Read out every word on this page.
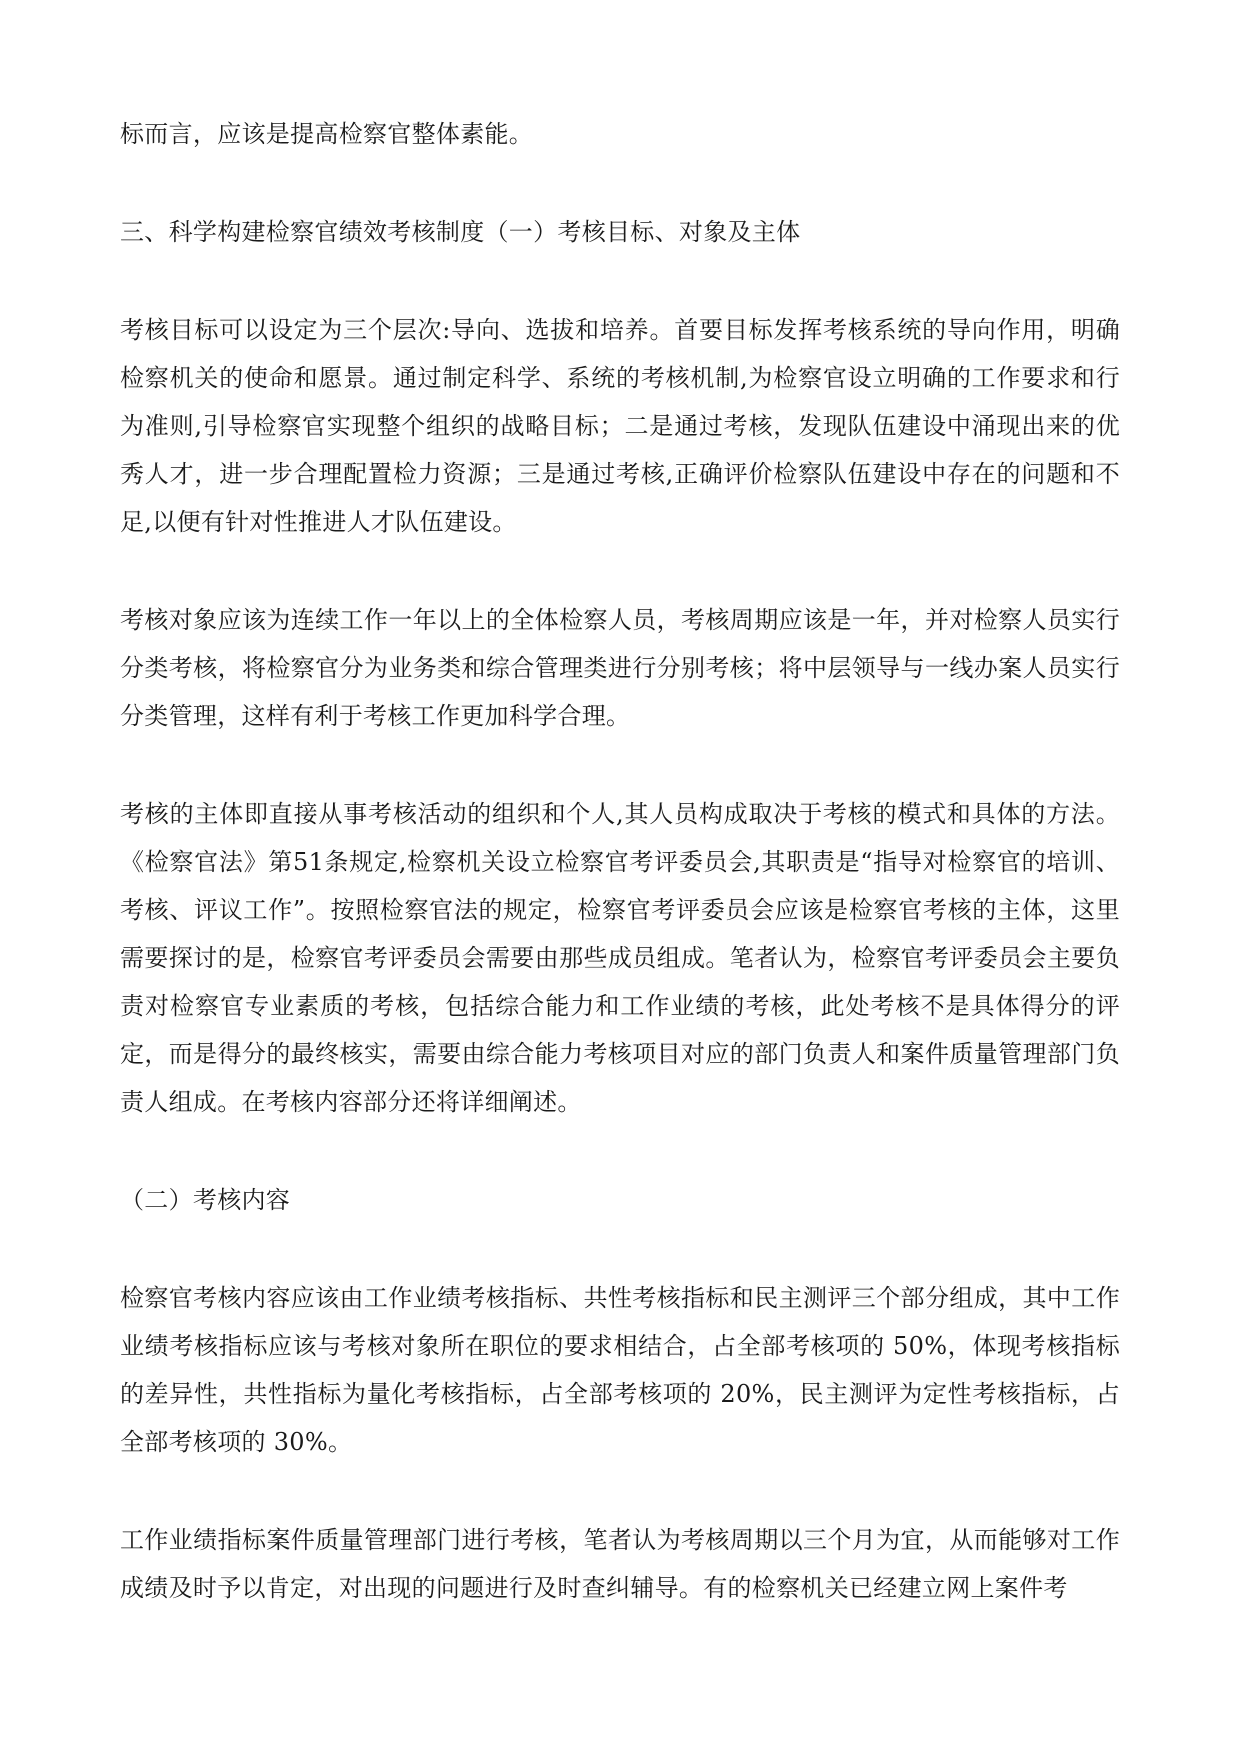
标而言，应该是提高检察官整体素能。

三、科学构建检察官绩效考核制度（一）考核目标、对象及主体

考核目标可以设定为三个层次:导向、选拔和培养。首要目标发挥考核系统的导向作用，明确检察机关的使命和愿景。通过制定科学、系统的考核机制,为检察官设立明确的工作要求和行为准则,引导检察官实现整个组织的战略目标；二是通过考核，发现队伍建设中涌现出来的优秀人才，进一步合理配置检力资源；三是通过考核,正确评价检察队伍建设中存在的问题和不足,以便有针对性推进人才队伍建设。

考核对象应该为连续工作一年以上的全体检察人员，考核周期应该是一年，并对检察人员实行分类考核，将检察官分为业务类和综合管理类进行分别考核；将中层领导与一线办案人员实行分类管理，这样有利于考核工作更加科学合理。

考核的主体即直接从事考核活动的组织和个人,其人员构成取决于考核的模式和具体的方法。《检察官法》第51条规定,检察机关设立检察官考评委员会,其职责是“指导对检察官的培训、考核、评议工作”。按照检察官法的规定，检察官考评委员会应该是检察官考核的主体，这里需要探讨的是，检察官考评委员会需要由那些成员组成。笔者认为，检察官考评委员会主要负责对检察官专业素质的考核，包括综合能力和工作业绩的考核，此处考核不是具体得分的评定，而是得分的最终核实，需要由综合能力考核项目对应的部门负责人和案件质量管理部门负责人组成。在考核内容部分还将详细阐述。

（二）考核内容

检察官考核内容应该由工作业绩考核指标、共性考核指标和民主测评三个部分组成，其中工作业绩考核指标应该与考核对象所在职位的要求相结合，占全部考核项的 50%，体现考核指标的差异性，共性指标为量化考核指标，占全部考核项的 20%，民主测评为定性考核指标，占全部考核项的 30%。

工作业绩指标案件质量管理部门进行考核，笔者认为考核周期以三个月为宜，从而能够对工作成绩及时予以肯定，对出现的问题进行及时查纠辅导。有的检察机关已经建立网上案件考
